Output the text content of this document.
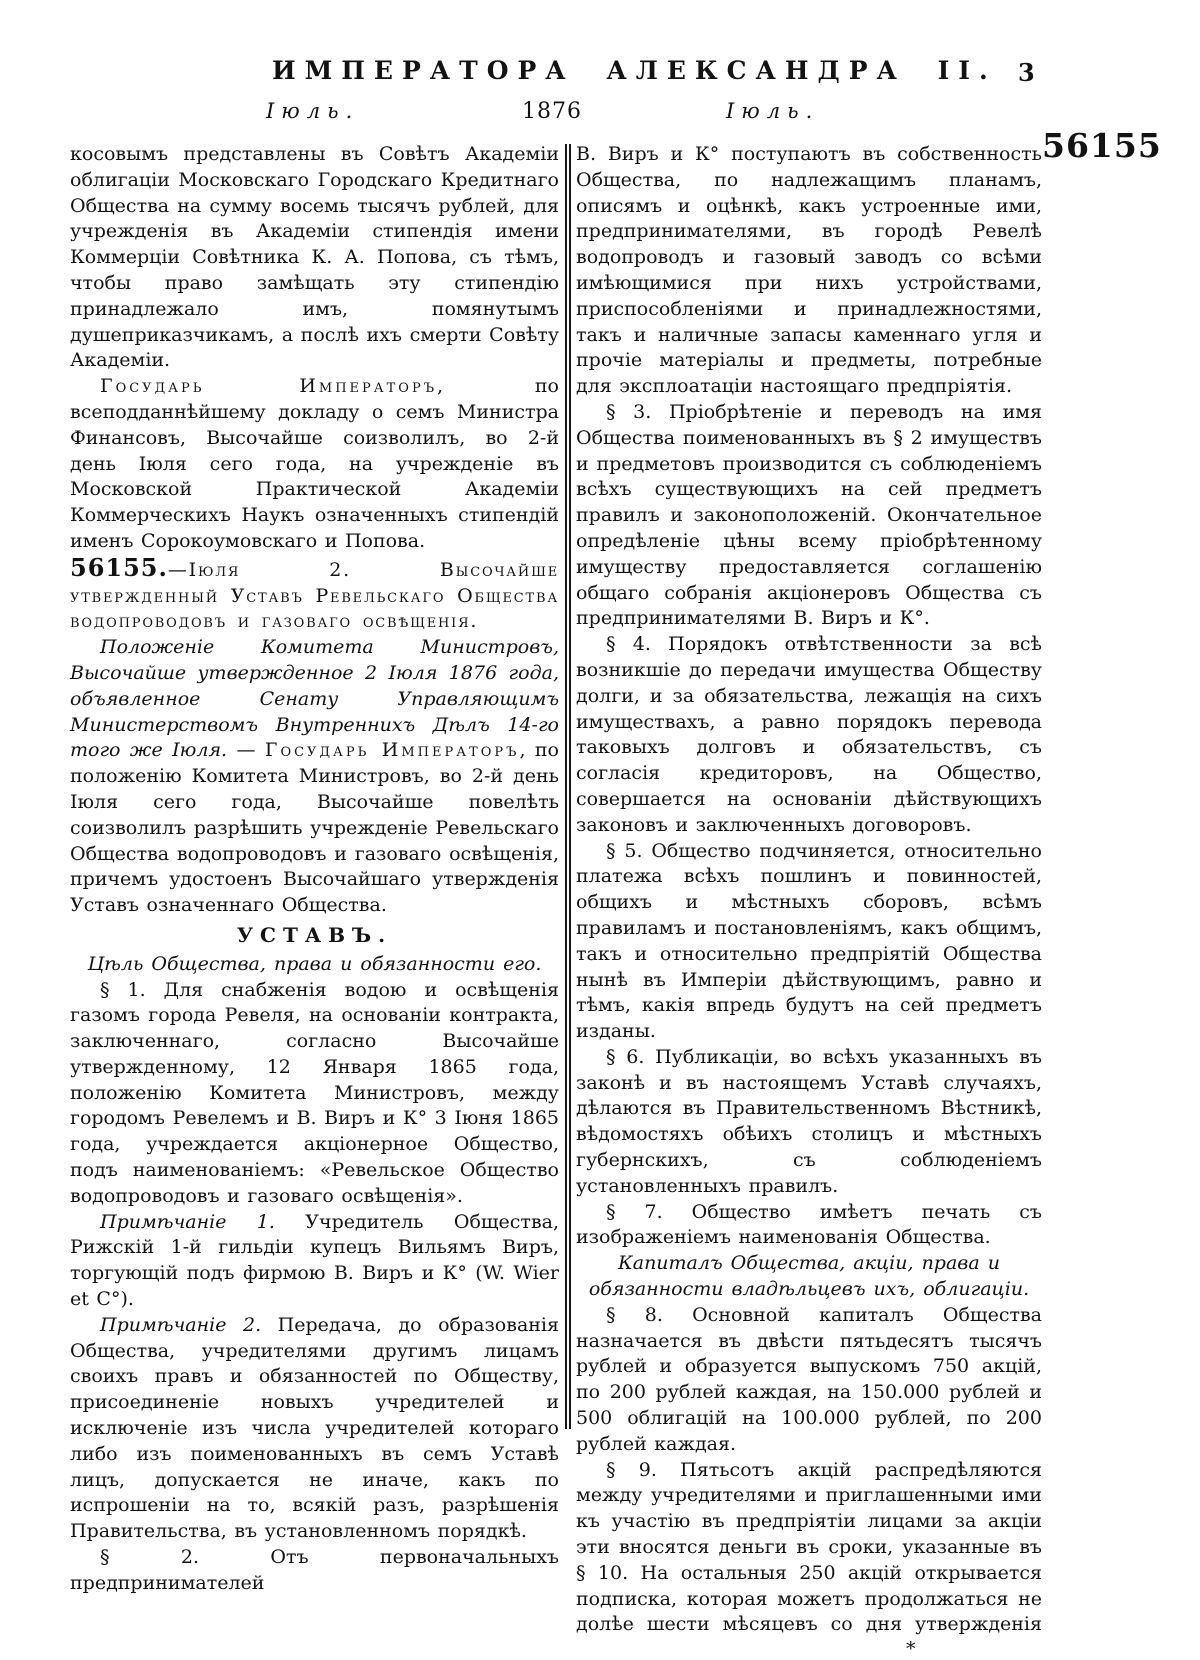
ИМПЕРАТОРА АЛЕКСАНДРА II. 3
Іюль.	1876	Іюль.
56155

косовымъ представлены въ Совѣтъ Академіи облигаціи Московскаго Городскаго Кредитнаго Общества на сумму восемь тысячъ рублей, для учрежденія въ Академіи стипендія имени Коммерціи Совѣтника К. А. Попова, съ тѣмъ, чтобы право замѣщать эту стипендію принадлежало имъ, помянутымъ душеприказчикамъ, а послѣ ихъ смерти Совѣту Академіи.

Государь Императоръ, по всеподданнѣйшему докладу о семъ Министра Финансовъ, Высочайше соизволилъ, во 2-й день Іюля сего года, на учрежденіе въ Московской Практической Академіи Коммерческихъ Наукъ означенныхъ стипендій именъ Сорокоумовскаго и Попова.

56155.—Іюля 2. Высочайше утвержденный Уставъ Ревельскаго Общества водопроводовъ и газоваго освѣщенія.

Положеніе Комитета Министровъ, Высочайше утвержденное 2 Іюля 1876 года, объявленное Сенату Управляющимъ Министерствомъ Внутреннихъ Дѣлъ 14-го того же Іюля. — Государь Императоръ, по положенію Комитета Министровъ, во 2-й день Іюля сего года, Высочайше повелѣть соизволилъ разрѣшить учрежденіе Ревельскаго Общества водопроводовъ и газоваго освѣщенія, причемъ удостоенъ Высочайшаго утвержденія Уставъ означеннаго Общества.

УСТАВЪ.

Цѣль Общества, права и обязанности его.

§ 1. Для снабженія водою и освѣщенія газомъ города Ревеля, на основаніи контракта, заключеннаго, согласно Высочайше утвержденному, 12 Января 1865 года, положенію Комитета Министровъ, между городомъ Ревелемъ и В. Виръ и К° 3 Іюня 1865 года, учреждается акціонерное Общество, подъ наименованіемъ: «Ревельское Общество водопроводовъ и газоваго освѣщенія».

Примѣчаніе 1. Учредитель Общества, Рижскій 1-й гильдіи купецъ Вильямъ Виръ, торгующій подъ фирмою В. Виръ и К° (W. Wier et C°).

Примѣчаніе 2. Передача, до образованія Общества, учредителями другимъ лицамъ своихъ правъ и обязанностей по Обществу, присоединеніе новыхъ учредителей и исключеніе изъ числа учредителей котораго либо изъ поименованныхъ въ семъ Уставѣ лицъ, допускается не иначе, какъ по испрошеніи на то, всякій разъ, разрѣшенія Правительства, въ установленномъ порядкѣ.

§ 2. Отъ первоначальныхъ предпринимателей

В. Виръ и К° поступаютъ въ собственность Общества, по надлежащимъ планамъ, описямъ и оцѣнкѣ, какъ устроенные ими, предпринимателями, въ городѣ Ревелѣ водопроводъ и газовый заводъ со всѣми имѣющимися при нихъ устройствами, приспособленіями и принадлежностями, такъ и наличные запасы каменнаго угля и прочіе матеріалы и предметы, потребные для эксплоатаціи настоящаго предпріятія.

§ 3. Пріобрѣтеніе и переводъ на имя Общества поименованныхъ въ § 2 имуществъ и предметовъ производится съ соблюденіемъ всѣхъ существующихъ на сей предметъ правилъ и законоположеній. Окончательное опредѣленіе цѣны всему пріобрѣтенному имуществу предоставляется соглашенію общаго собранія акціонеровъ Общества съ предпринимателями В. Виръ и К°.

§ 4. Порядокъ отвѣтственности за всѣ возникшіе до передачи имущества Обществу долги, и за обязательства, лежащія на сихъ имуществахъ, а равно порядокъ перевода таковыхъ долговъ и обязательствъ, съ согласія кредиторовъ, на Общество, совершается на основаніи дѣйствующихъ законовъ и заключенныхъ договоровъ.

§ 5. Общество подчиняется, относительно платежа всѣхъ пошлинъ и повинностей, общихъ и мѣстныхъ сборовъ, всѣмъ правиламъ и постановленіямъ, какъ общимъ, такъ и относительно предпріятій Общества нынѣ въ Имперіи дѣйствующимъ, равно и тѣмъ, какія впредь будутъ на сей предметъ изданы.

§ 6. Публикаціи, во всѣхъ указанныхъ въ законѣ и въ настоящемъ Уставѣ случаяхъ, дѣлаются въ Правительственномъ Вѣстникѣ, вѣдомостяхъ обѣихъ столицъ и мѣстныхъ губернскихъ, съ соблюденіемъ установленныхъ правилъ.

§ 7. Общество имѣетъ печать съ изображеніемъ наименованія Общества.

Капиталъ Общества, акціи, права и обязанности владѣльцевъ ихъ, облигаціи.

§ 8. Основной капиталъ Общества назначается въ двѣсти пятьдесятъ тысячъ рублей и образуется выпускомъ 750 акцій, по 200 рублей каждая, на 150.000 рублей и 500 облигацій на 100.000 рублей, по 200 рублей каждая.

§ 9. Пятьсотъ акцій распредѣляются между учредителями и приглашенными ими къ участію въ предпріятіи лицами за акціи эти вносятся деньги въ сроки, указанные въ § 10. На остальныя 250 акцій открывается подписка, которая можетъ продолжаться не долѣе шести мѣсяцевъ со дня утвержденія

*
